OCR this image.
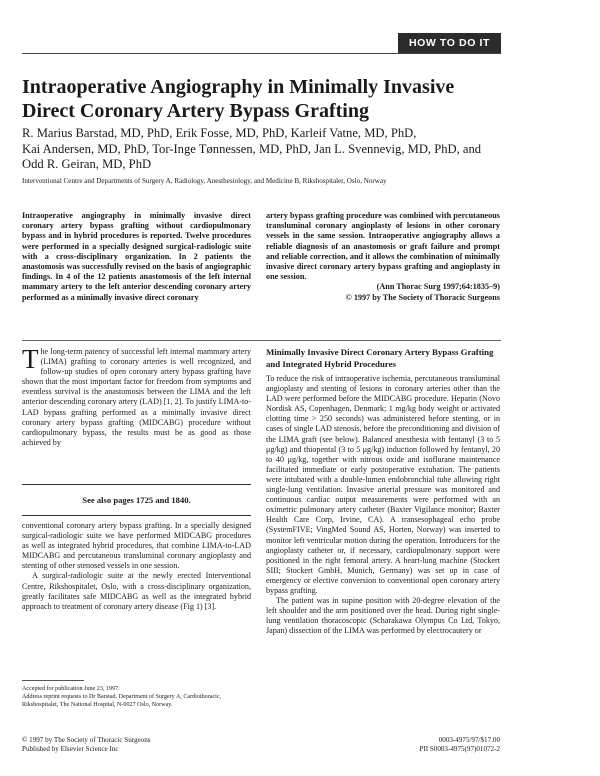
HOW TO DO IT
Intraoperative Angiography in Minimally Invasive Direct Coronary Artery Bypass Grafting
R. Marius Barstad, MD, PhD, Erik Fosse, MD, PhD, Karleif Vatne, MD, PhD,
Kai Andersen, MD, PhD, Tor-Inge Tønnessen, MD, PhD, Jan L. Svennevig, MD, PhD, and
Odd R. Geiran, MD, PhD
Interventional Centre and Departments of Surgery A, Radiology, Anesthesiology, and Medicine B, Rikshospitalet, Oslo, Norway
Intraoperative angiography in minimally invasive direct coronary artery bypass grafting without cardiopulmonary bypass and in hybrid procedures is reported. Twelve procedures were performed in a specially designed surgical-radiologic suite with a cross-disciplinary organization. In 2 patients the anastomosis was successfully revised on the basis of angiographic findings. In 4 of the 12 patients anastomosis of the left internal mammary artery to the left anterior descending coronary artery performed as a minimally invasive direct coronary
artery bypass grafting procedure was combined with percutaneous transluminal coronary angioplasty of lesions in other coronary vessels in the same session. Intraoperative angiography allows a reliable diagnosis of an anastomosis or graft failure and prompt and reliable correction, and it allows the combination of minimally invasive direct coronary artery bypass grafting and angioplasty in one session.
(Ann Thorac Surg 1997;64:1835–9)
© 1997 by The Society of Thoracic Surgeons
The long-term patency of successful left internal mammary artery (LIMA) grafting to coronary arteries is well recognized, and follow-up studies of open coronary artery bypass grafting have shown that the most important factor for freedom from symptoms and eventless survival is the anastomosis between the LIMA and the left anterior descending coronary artery (LAD) [1, 2]. To justify LIMA-to-LAD bypass grafting performed as a minimally invasive direct coronary artery bypass grafting (MIDCABG) procedure without cardiopulmonary bypass, the results must be as good as those achieved by
See also pages 1725 and 1840.

conventional coronary artery bypass grafting. In a specially designed surgical-radiologic suite we have performed MIDCABG procedures as well as integrated hybrid procedures, that combine LIMA-to-LAD MIDCABG and percutaneous transluminal coronary angioplasty and stenting of other stenosed vessels in one session.

A surgical-radiologic suite at the newly erected Interventional Centre, Rikshospitalet, Oslo, with a cross-disciplinary organization, greatly facilitates safe MIDCABG as well as the integrated hybrid approach to treatment of coronary artery disease (Fig 1) [3].

Accepted for publication June 23, 1997.
Address reprint requests to Dr Barstad, Department of Surgery A, Cardiothoracic, Rikshospitalet, The National Hospital, N-0027 Oslo, Norway.
Minimally Invasive Direct Coronary Artery Bypass Grafting and Integrated Hybrid Procedures

To reduce the risk of intraoperative ischemia, percutaneous transluminal angioplasty and stenting of lesions in coronary arteries other than the LAD were performed before the MIDCABG procedure. Heparin (Novo Nordisk AS, Copenhagen, Denmark; 1 mg/kg body weight or activated clotting time > 250 seconds) was administered before stenting, or in cases of single LAD stenosis, before the preconditioning and division of the LIMA graft (see below). Balanced anesthesia with fentanyl (3 to 5 μg/kg) and thiopental (3 to 5 μg/kg) induction followed by fentanyl, 20 to 40 μg/kg, together with nitrous oxide and isoflurane maintenance facilitated immediate or early postoperative extubation. The patients were intubated with a double-lumen endobronchial tube allowing right single-lung ventilation. Invasive arterial pressure was monitored and continuous cardiac output measurements were performed with an oximetric pulmonary artery catheter (Baxter Vigilance monitor; Baxter Health Care Corp, Irvine, CA). A transesophageal echo probe (SystemFIVE; VingMed Sound AS, Horten, Norway) was inserted to monitor left ventricular motion during the operation. Introducers for the angioplasty catheter or, if necessary, cardiopulmonary support were positioned in the right femoral artery. A heart-lung machine (Stockert SIII; Stockert GmbH, Munich, Germany) was set up in case of emergency or elective conversion to conventional open coronary artery bypass grafting.

The patient was in supine position with 20-degree elevation of the left shoulder and the arm positioned over the head. During right single-lung ventilation thoracoscopic (Scharakawa Olympus Co Ltd, Tokyo, Japan) dissection of the LIMA was performed by electrocautery or

© 1997 by The Society of Thoracic Surgeons
Published by Elsevier Science Inc
0003-4975/97/$17.00
PII S0003-4975(97)01072-2
